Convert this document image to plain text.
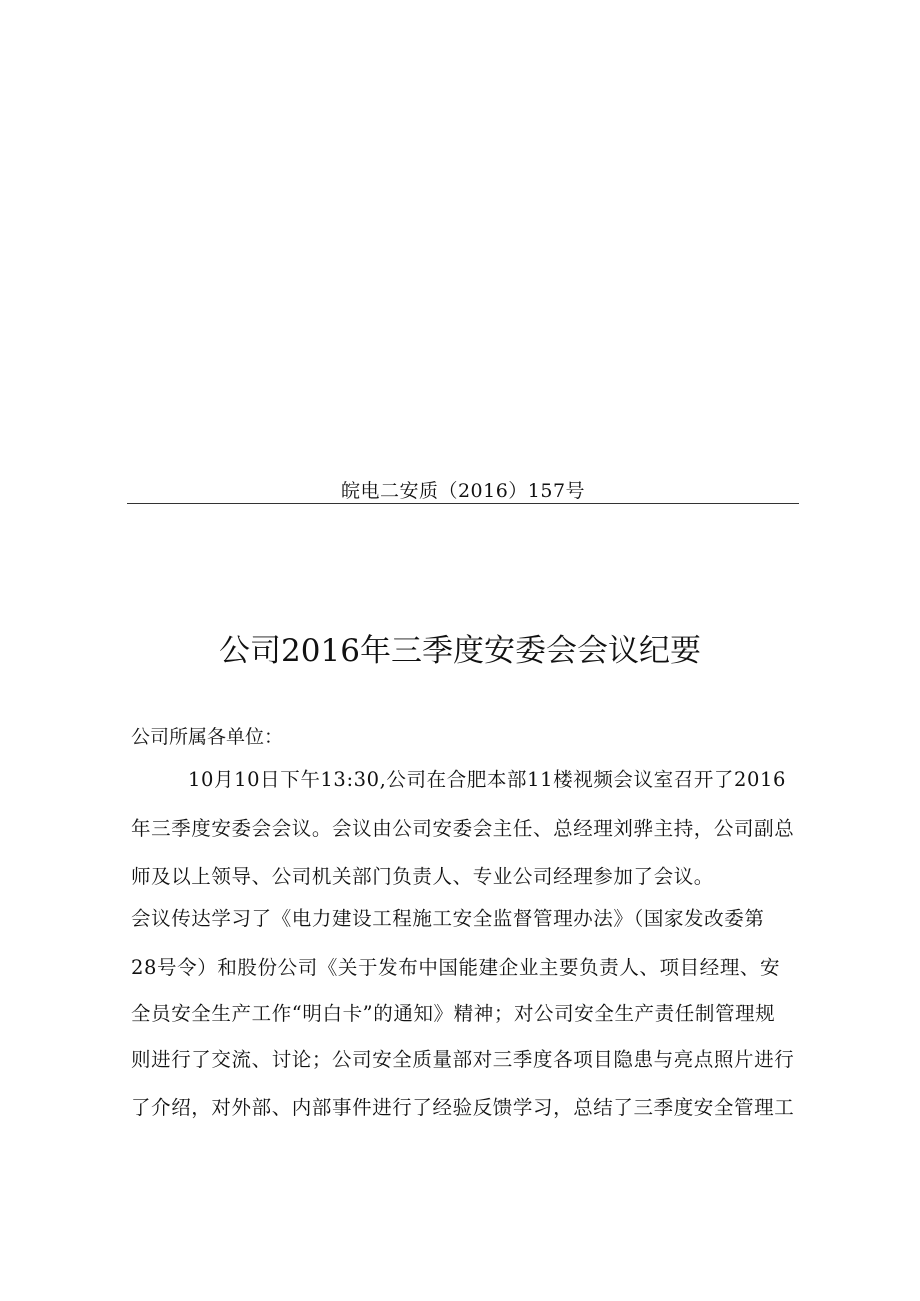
皖电二安质（2016）157号
公司2016年三季度安委会会议纪要

公司所属各单位：

10月10日下午13:30,公司在合肥本部11楼视频会议室召开了2016

年三季度安委会会议。会议由公司安委会主任、总经理刘骅主持，公司副总

师及以上领导、公司机关部门负责人、专业公司经理参加了会议。

会议传达学习了《电力建设工程施工安全监督管理办法》（国家发改委第

28号令）和股份公司《关于发布中国能建企业主要负责人、项目经理、安

全员安全生产工作“明白卡”的通知》精神；对公司安全生产责任制管理规

则进行了交流、讨论；公司安全质量部对三季度各项目隐患与亮点照片进行

了介绍，对外部、内部事件进行了经验反馈学习，总结了三季度安全管理工
